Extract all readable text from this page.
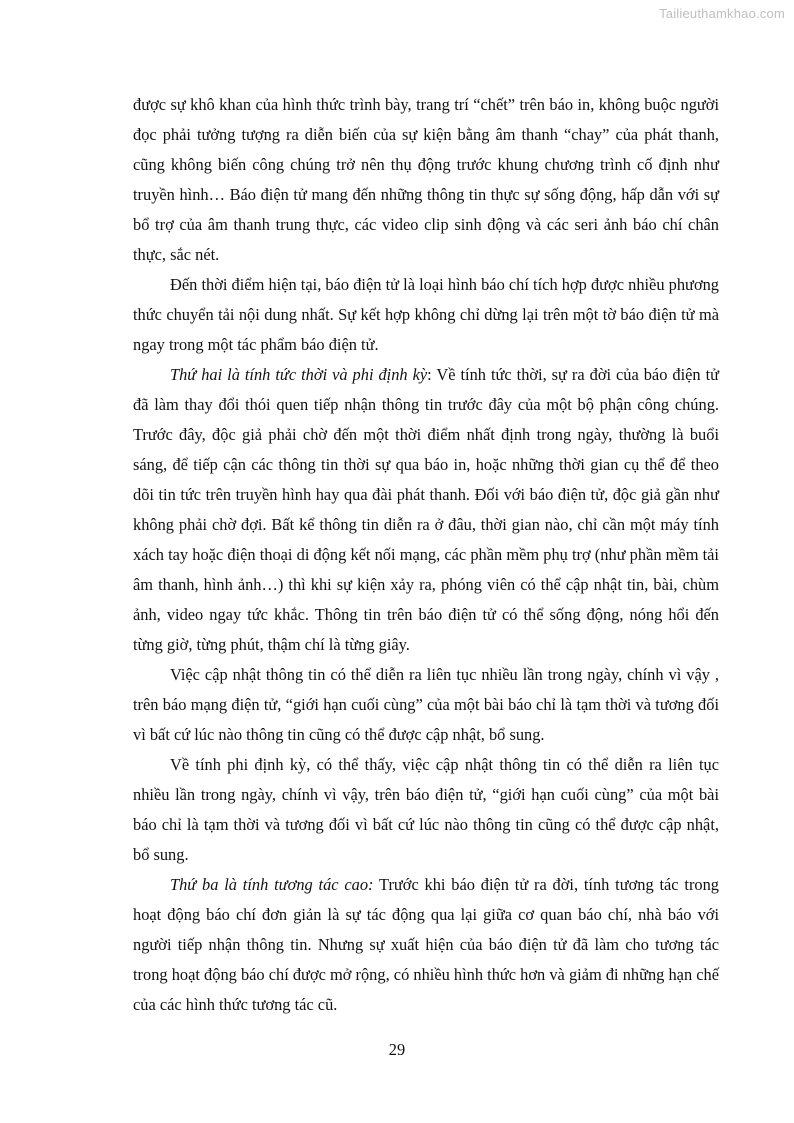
Tailieuthamkhao.com

được sự khô khan của hình thức trình bày, trang trí “chết” trên báo in, không buộc người đọc phải tưởng tượng ra diễn biến của sự kiện bằng âm thanh “chay” của phát thanh, cũng không biến công chúng trở nên thụ động trước khung chương trình cố định như truyền hình… Báo điện tử mang đến những thông tin thực sự sống động, hấp dẫn với sự bổ trợ của âm thanh trung thực, các video clip sinh động và các seri ảnh báo chí chân thực, sắc nét.

Đến thời điểm hiện tại, báo điện tử là loại hình báo chí tích hợp được nhiều phương thức chuyển tải nội dung nhất. Sự kết hợp không chỉ dừng lại trên một tờ báo điện tử mà ngay trong một tác phẩm báo điện tử.

Thứ hai là tính tức thời và phi định kỳ: Về tính tức thời, sự ra đời của báo điện tử đã làm thay đổi thói quen tiếp nhận thông tin trước đây của một bộ phận công chúng. Trước đây, độc giả phải chờ đến một thời điểm nhất định trong ngày, thường là buổi sáng, để tiếp cận các thông tin thời sự qua báo in, hoặc những thời gian cụ thể để theo dõi tin tức trên truyền hình hay qua đài phát thanh. Đối với báo điện tử, độc giả gần như không phải chờ đợi. Bất kể thông tin diễn ra ở đâu, thời gian nào, chỉ cần một máy tính xách tay hoặc điện thoại di động kết nối mạng, các phần mềm phụ trợ (như phần mềm tải âm thanh, hình ảnh…) thì khi sự kiện xảy ra, phóng viên có thể cập nhật tin, bài, chùm ảnh, video ngay tức khắc. Thông tin trên báo điện tử có thể sống động, nóng hổi đến từng giờ, từng phút, thậm chí là từng giây.

Việc cập nhật thông tin có thể diễn ra liên tục nhiều lần trong ngày, chính vì vậy , trên báo mạng điện tử, “giới hạn cuối cùng” của một bài báo chỉ là tạm thời và tương đối vì bất cứ lúc nào thông tin cũng có thể được cập nhật, bổ sung.

Về tính phi định kỳ, có thể thấy, việc cập nhật thông tin có thể diễn ra liên tục nhiều lần trong ngày, chính vì vậy, trên báo điện tử, “giới hạn cuối cùng” của một bài báo chỉ là tạm thời và tương đối vì bất cứ lúc nào thông tin cũng có thể được cập nhật, bổ sung.

Thứ ba là tính tương tác cao: Trước khi báo điện tử ra đời, tính tương tác trong hoạt động báo chí đơn giản là sự tác động qua lại giữa cơ quan báo chí, nhà báo với người tiếp nhận thông tin. Nhưng sự xuất hiện của báo điện tử đã làm cho tương tác trong hoạt động báo chí được mở rộng, có nhiều hình thức hơn và giảm đi những hạn chế của các hình thức tương tác cũ.

29
